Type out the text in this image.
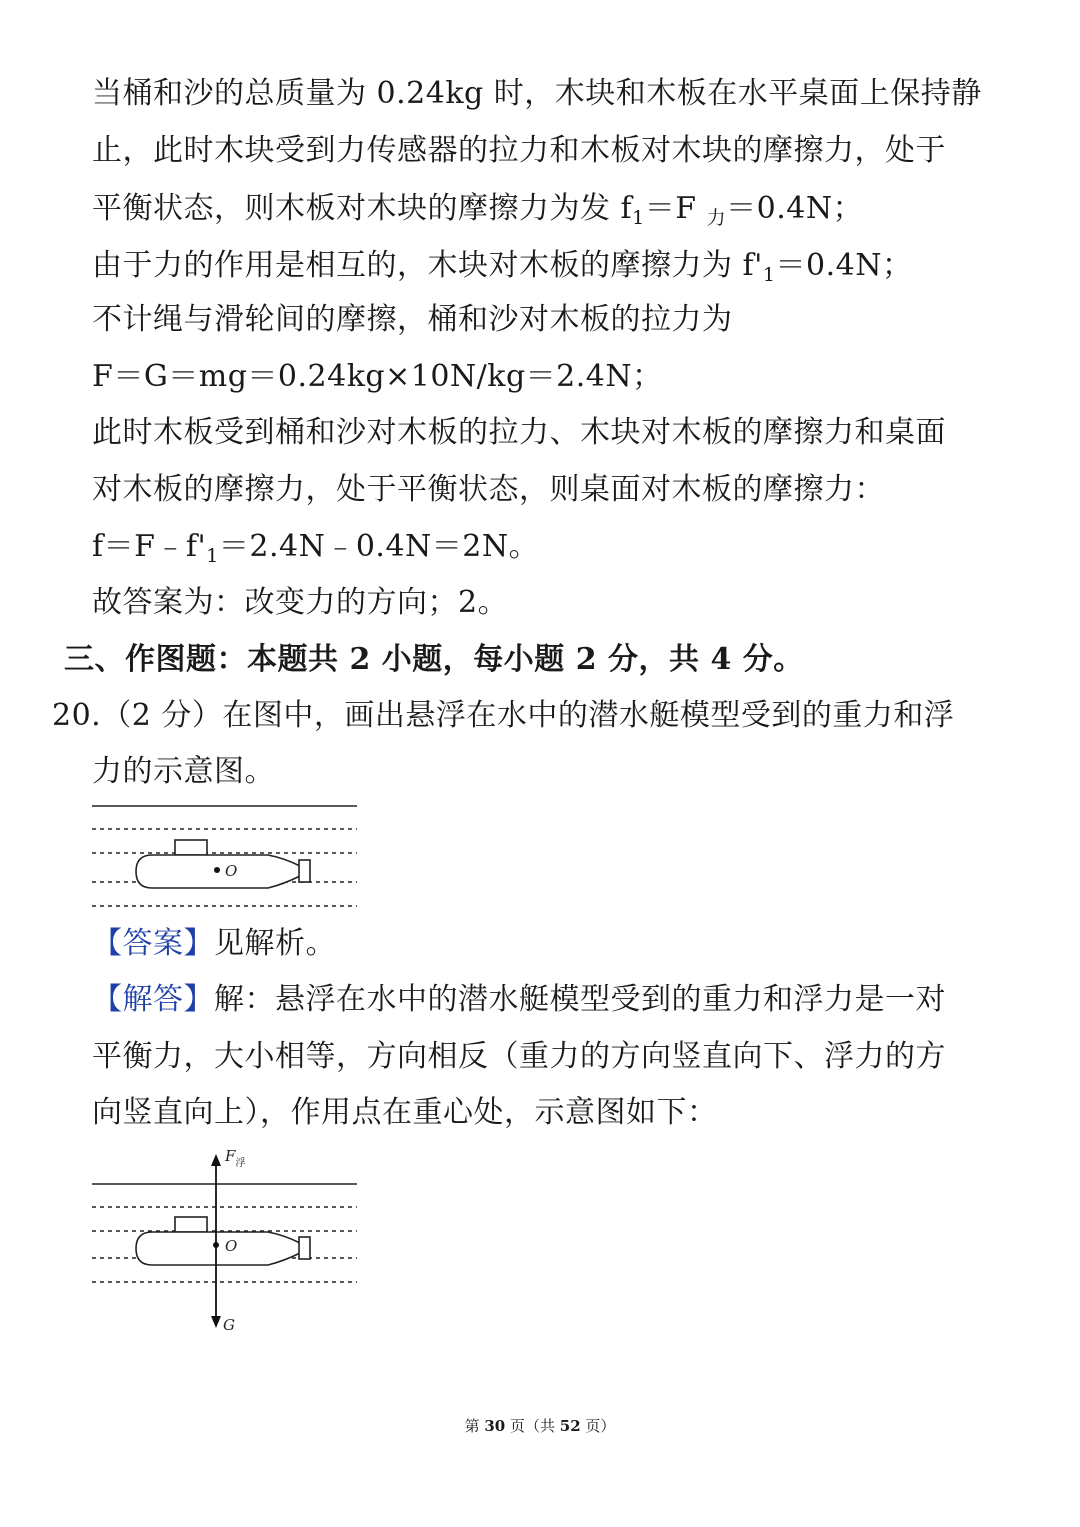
当桶和沙的总质量为 0.24kg 时，木块和木板在水平桌面上保持静
止，此时木块受到力传感器的拉力和木板对木块的摩擦力，处于
平衡状态，则木板对木块的摩擦力为发 $f_1=F$ $_力$＝0.4N；
由于力的作用是相互的，木块对木板的摩擦力为 $f'_1=0.4N$；
不计绳与滑轮间的摩擦，桶和沙对木板的拉力为
F＝G＝mg＝0.24kg×10N/kg＝2.4N；
此时木板受到桶和沙对木板的拉力、木块对木板的摩擦力和桌面
对木板的摩擦力，处于平衡状态，则桌面对木板的摩擦力：
$f=F﹣f'_1=2.4N﹣0.4N=2N$。
故答案为：改变力的方向；2。
三、作图题：本题共 2 小题，每小题 2 分，共 4 分。
20.（2 分）在图中，画出悬浮在水中的潜水艇模型受到的重力和浮
力的示意图。
O
【答案】见解析。
【解答】解：悬浮在水中的潜水艇模型受到的重力和浮力是一对
平衡力，大小相等，方向相反（重力的方向竖直向下、浮力的方
向竖直向上），作用点在重心处，示意图如下：
O
$F_浮$
G
第 30 页（共 52 页）
